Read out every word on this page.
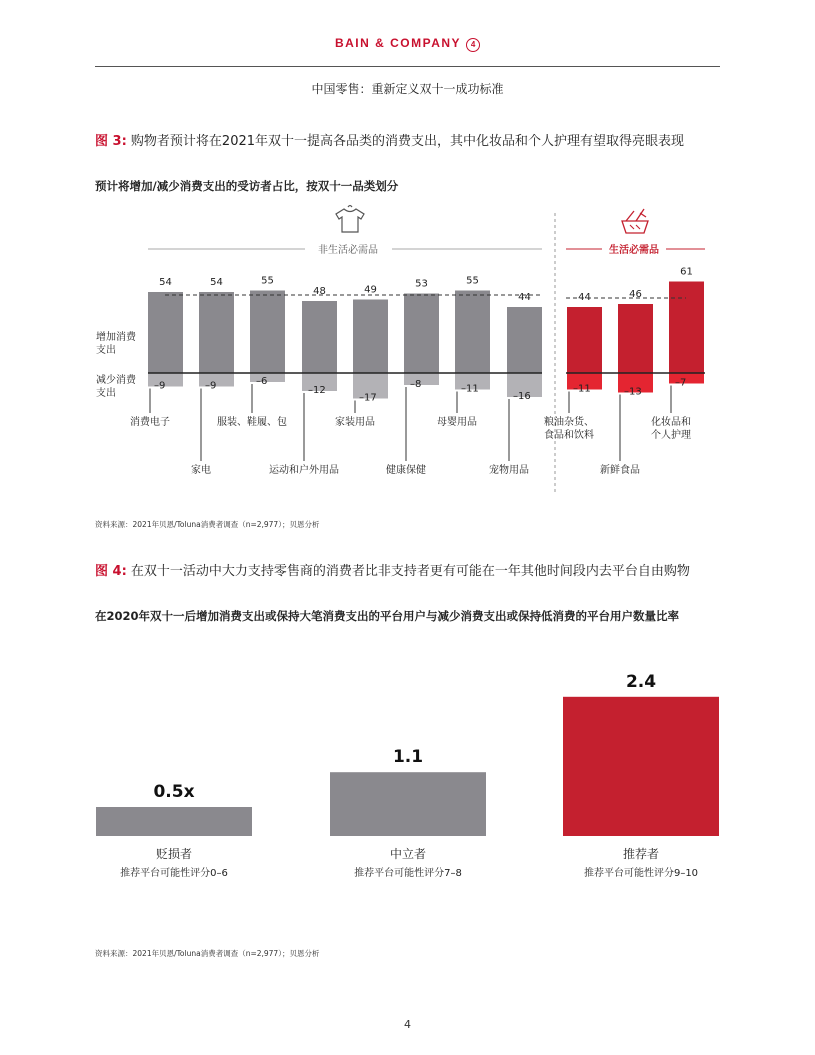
BAIN & COMPANY 4
中国零售：重新定义双十一成功标准
图 3: 购物者预计将在2021年双十一提高各品类的消费支出，其中化妆品和个人护理有望取得亮眼表现
预计将增加/减少消费支出的受访者占比，按双十一品类划分
非生活必需品	生活必需品
增加消费
支出
减少消费
支出
54
–9
消费电子
54
–9
家电
55
–6
服装、鞋履、包
48
–12
运动和户外用品
49
–17
家装用品
53
–8
健康保健
55
–11
母婴用品
44
–16
宠物用品
44
–11
粮油杂货、
食品和饮料
46
–13
新鲜食品
61
–7
化妆品和
个人护理
资料来源：2021年贝恩/Toluna消费者调查（n=2,977）；贝恩分析
图 4: 在双十一活动中大力支持零售商的消费者比非支持者更有可能在一年其他时间段内去平台自由购物
在2020年双十一后增加消费支出或保持大笔消费支出的平台用户与减少消费支出或保持低消费的平台用户数量比率
0.5x
贬损者
推荐平台可能性评分0–6
1.1
中立者
推荐平台可能性评分7–8
2.4
推荐者
推荐平台可能性评分9–10
资料来源：2021年贝恩/Toluna消费者调查（n=2,977）；贝恩分析
4
